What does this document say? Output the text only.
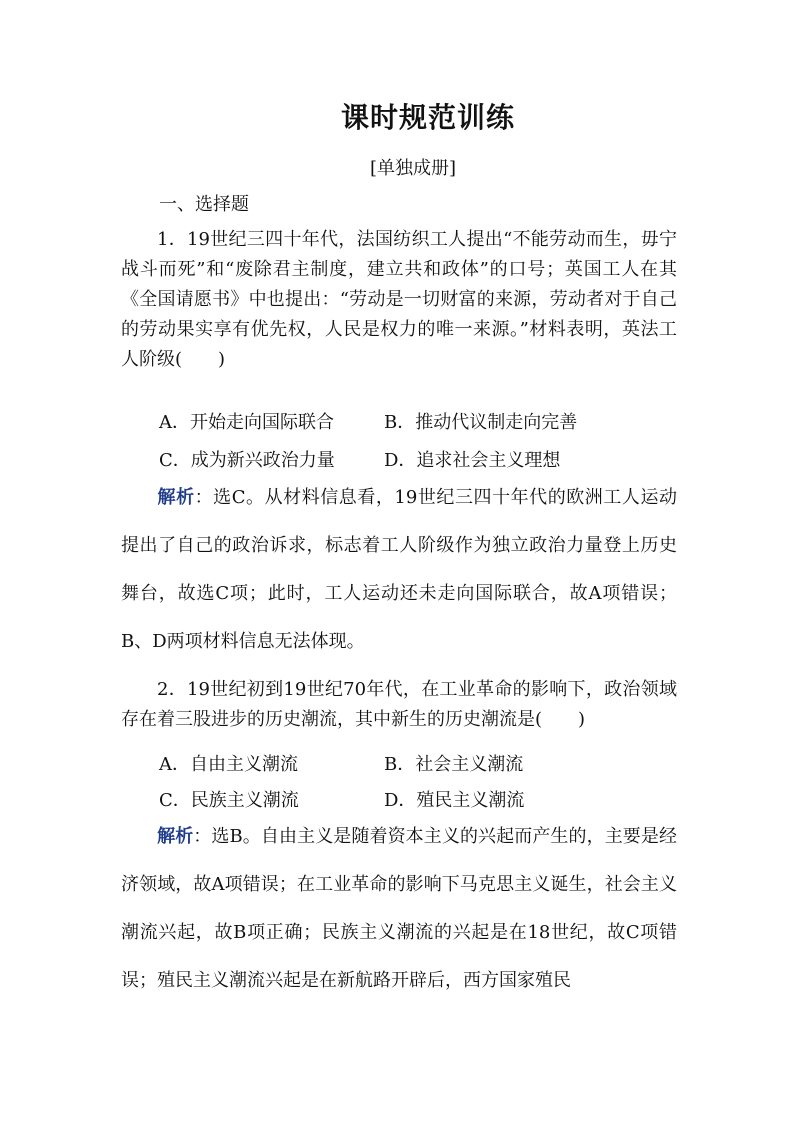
课时规范训练
[单独成册]
一、选择题
1．19世纪三四十年代，法国纺织工人提出“不能劳动而生，毋宁战斗而死”和“废除君主制度，建立共和政体”的口号；英国工人在其《全国请愿书》中也提出：“劳动是一切财富的来源，劳动者对于自己的劳动果实享有优先权，人民是权力的唯一来源。”材料表明，英法工人阶级(　　)
A．开始走向国际联合	B．推动代议制走向完善
C．成为新兴政治力量	D．追求社会主义理想
解析：选C。从材料信息看，19世纪三四十年代的欧洲工人运动提出了自己的政治诉求，标志着工人阶级作为独立政治力量登上历史舞台，故选C项；此时，工人运动还未走向国际联合，故A项错误；B、D两项材料信息无法体现。
2．19世纪初到19世纪70年代，在工业革命的影响下，政治领域存在着三股进步的历史潮流，其中新生的历史潮流是(　　)
A．自由主义潮流	B．社会主义潮流
C．民族主义潮流	D．殖民主义潮流
解析：选B。自由主义是随着资本主义的兴起而产生的，主要是经济领域，故A项错误；在工业革命的影响下马克思主义诞生，社会主义潮流兴起，故B项正确；民族主义潮流的兴起是在18世纪，故C项错误；殖民主义潮流兴起是在新航路开辟后，西方国家殖民
